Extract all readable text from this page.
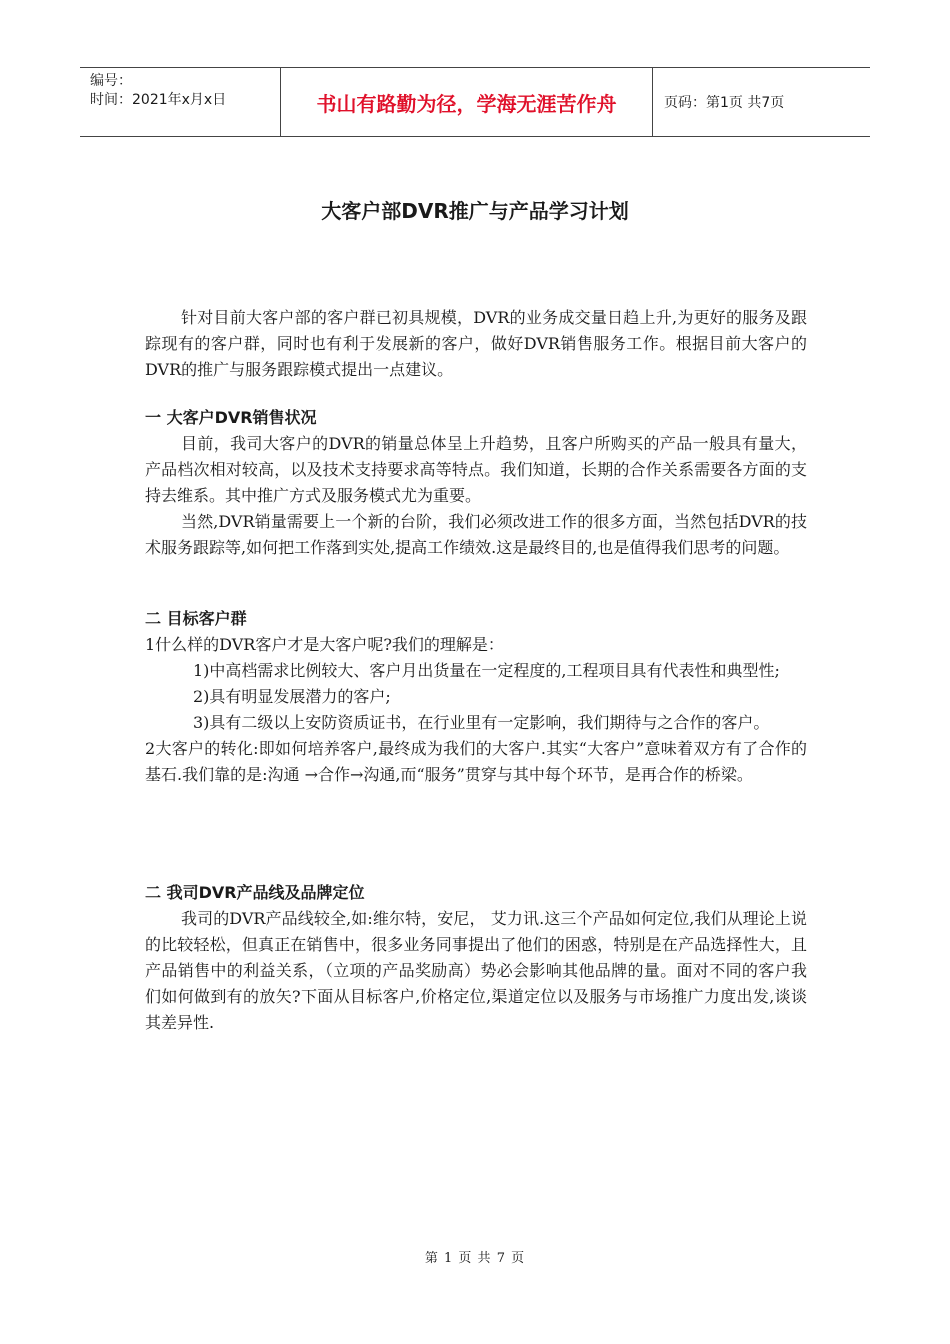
编号：
时间：2021年x月x日	书山有路勤为径，学海无涯苦作舟	页码：第1页 共7页
大客户部DVR推广与产品学习计划

针对目前大客户部的客户群已初具规模，DVR的业务成交量日趋上升,为更好的服务及跟踪现有的客户群，同时也有利于发展新的客户，做好DVR销售服务工作。根据目前大客户的DVR的推广与服务跟踪模式提出一点建议。

一 大客户DVR销售状况

目前，我司大客户的DVR的销量总体呈上升趋势，且客户所购买的产品一般具有量大，产品档次相对较高，以及技术支持要求高等特点。我们知道，长期的合作关系需要各方面的支持去维系。其中推广方式及服务模式尤为重要。

当然,DVR销量需要上一个新的台阶，我们必须改进工作的很多方面，当然包括DVR的技术服务跟踪等,如何把工作落到实处,提高工作绩效.这是最终目的,也是值得我们思考的问题。

二 目标客户群

1什么样的DVR客户才是大客户呢?我们的理解是：

1)中高档需求比例较大、客户月出货量在一定程度的,工程项目具有代表性和典型性;

2)具有明显发展潜力的客户;

3)具有二级以上安防资质证书，在行业里有一定影响，我们期待与之合作的客户。

2大客户的转化:即如何培养客户,最终成为我们的大客户.其实“大客户”意味着双方有了合作的基石.我们靠的是:沟通 →合作→沟通,而“服务”贯穿与其中每个环节，是再合作的桥梁。

二 我司DVR产品线及品牌定位

我司的DVR产品线较全,如:维尔特，安尼， 艾力讯.这三个产品如何定位,我们从理论上说的比较轻松，但真正在销售中，很多业务同事提出了他们的困惑，特别是在产品选择性大，且产品销售中的利益关系，（立项的产品奖励高）势必会影响其他品牌的量。面对不同的客户我们如何做到有的放矢?下面从目标客户,价格定位,渠道定位以及服务与市场推广力度出发,谈谈其差异性.

第 1 页 共 7 页
